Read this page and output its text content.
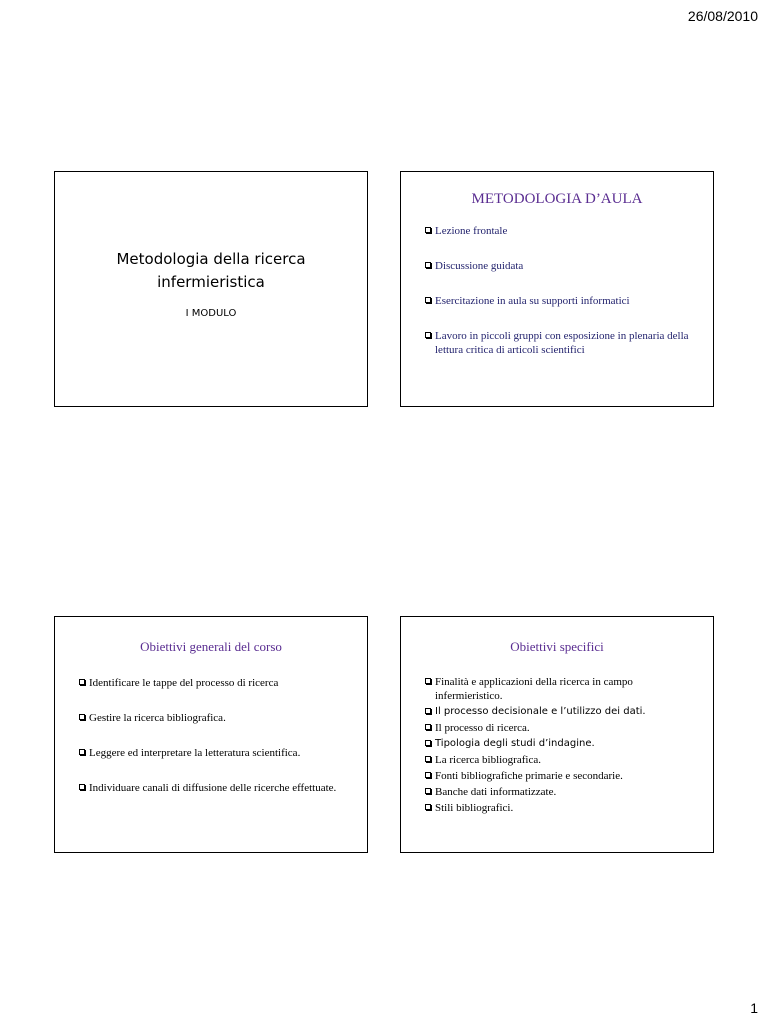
26/08/2010
Metodologia della ricerca
infermieristica
I MODULO
METODOLOGIA D’AULA
Lezione frontale
Discussione guidata
Esercitazione in aula su supporti informatici
Lavoro in piccoli gruppi con esposizione in plenaria della lettura critica di articoli scientifici
Obiettivi generali del corso
Identificare le tappe del processo di ricerca
Gestire la ricerca bibliografica.
Leggere ed interpretare la letteratura scientifica.
Individuare canali di diffusione delle ricerche effettuate.
Obiettivi specifici
Finalità e applicazioni della ricerca in campo infermieristico.
Il processo decisionale e l’utilizzo dei dati.
Il processo di ricerca.
Tipologia degli studi d’indagine.
La ricerca bibliografica.
Fonti bibliografiche primarie e secondarie.
Banche dati informatizzate.
Stili bibliografici.
1
